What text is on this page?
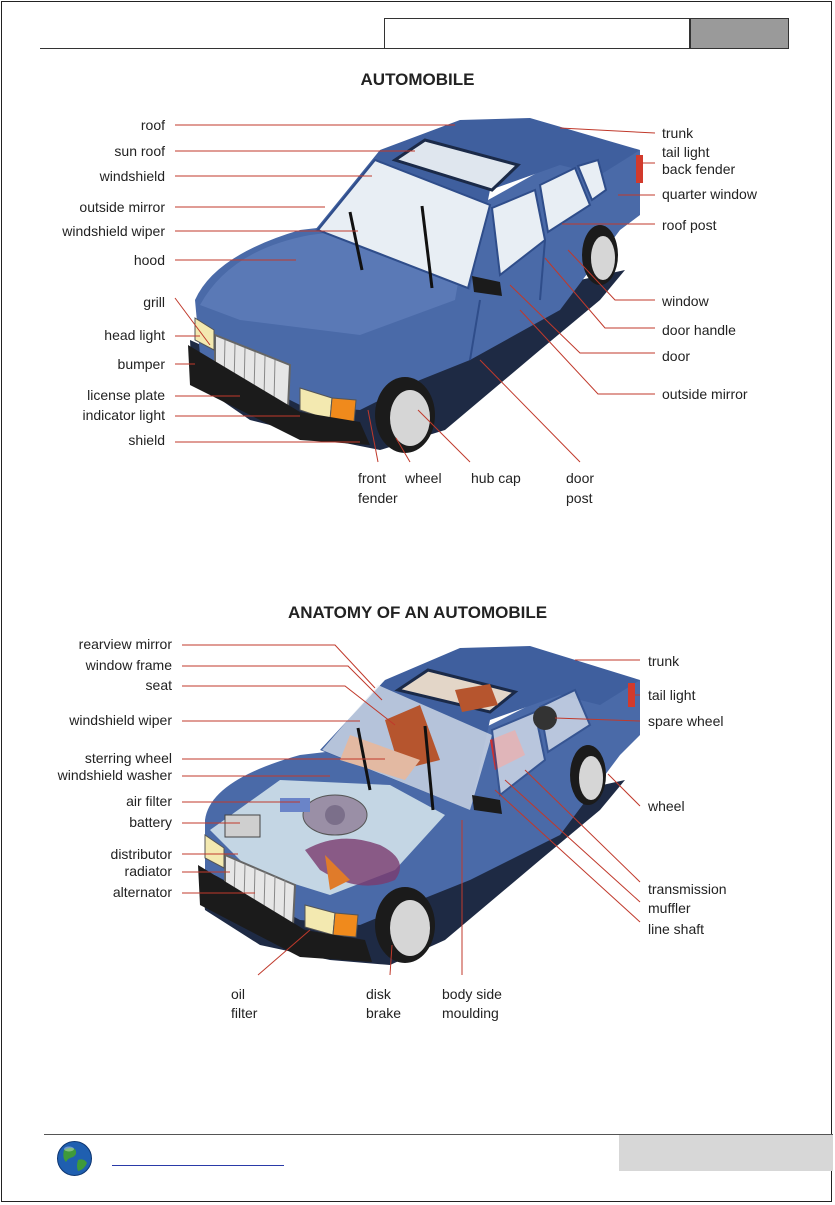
AUTOMOBILE
ANATOMY OF AN AUTOMOBILE
roof
sun roof
windshield
outside mirror
windshield wiper
hood
grill
head light
bumper
license plate
indicator light
shield
trunk
tail light
back fender
quarter window
roof post
window
door handle
door
outside mirror
front
fender
wheel hub cap	door
post
rearview mirror
window frame
seat
windshield wiper
sterring wheel
windshield washer
air filter
battery
distributor
radiator
alternator
trunk
tail light
spare wheel
wheel
transmission
muffler
line shaft
oil
filter
disk
brake
body side
moulding
